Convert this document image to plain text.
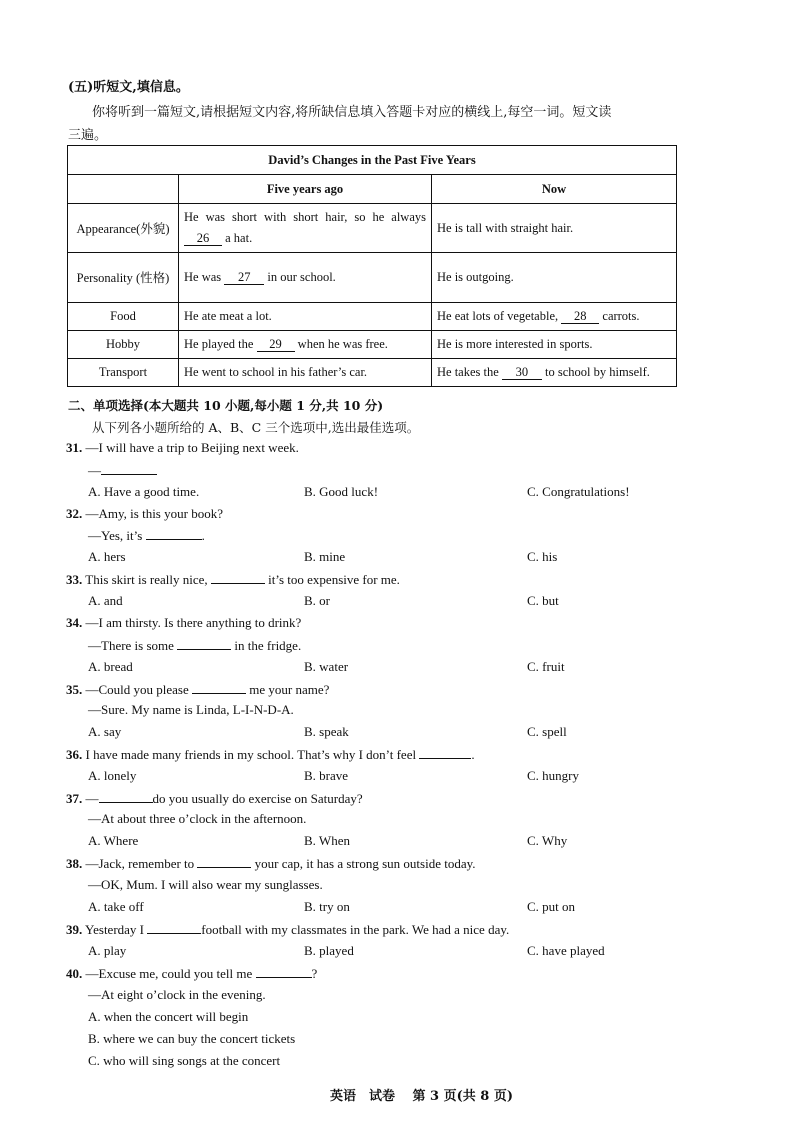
(五)听短文,填信息。
你将听到一篇短文,请根据短文内容,将所缺信息填入答题卡对应的横线上,每空一词。短文读
三遍。
David’s Changes in the Past Five Years		
	Five years ago	Now
Appearance(外貌)	He was short with short hair, so he always 26 a hat.	He is tall with straight hair.

Personality (性格)	He was 27 in our school.	He is outgoing.
Food	He ate meat a lot.	He eat lots of vegetable, 28 carrots.
Hobby	He played the 29 when he was free.	He is more interested in sports.
Transport	He went to school in his father’s car.	He takes the 30 to school by himself.
二、单项选择(本大题共 10 小题,每小题 1 分,共 10 分)
从下列各小题所给的 A、B、C 三个选项中,选出最佳选项。
31. —I will have a trip to Beijing next week.
—
A. Have a good time.	B. Good luck!	C. Congratulations!
32. —Amy, is this your book?
—Yes, it’s	.
A. hers	B. mine	C. his
33. This skirt is really nice,	it’s too expensive for me.
A. and	B. or	C. but
34. —I am thirsty. Is there anything to drink?
—There is some	in the fridge.
A. bread	B. water	C. fruit
35. —Could you please	me your name?
—Sure. My name is Linda, L-I-N-D-A.
A. say	B. speak	C. spell
36. I have made many friends in my school. That’s why I don’t feel	.
A. lonely	B. brave	C. hungry
37. —	do you usually do exercise on Saturday?
—At about three o’clock in the afternoon.
A. Where	B. When	C. Why
38. —Jack, remember to	your cap, it has a strong sun outside today.
—OK, Mum. I will also wear my sunglasses.
A. take off	B. try on	C. put on
39. Yesterday I	football with my classmates in the park. We had a nice day.
A. play	B. played	C. have played
40. —Excuse me, could you tell me	?
—At eight o’clock in the evening.
A. when the concert will begin
B. where we can buy the concert tickets
C. who will sing songs at the concert
英语　试卷　 第 3 页(共 8 页)
